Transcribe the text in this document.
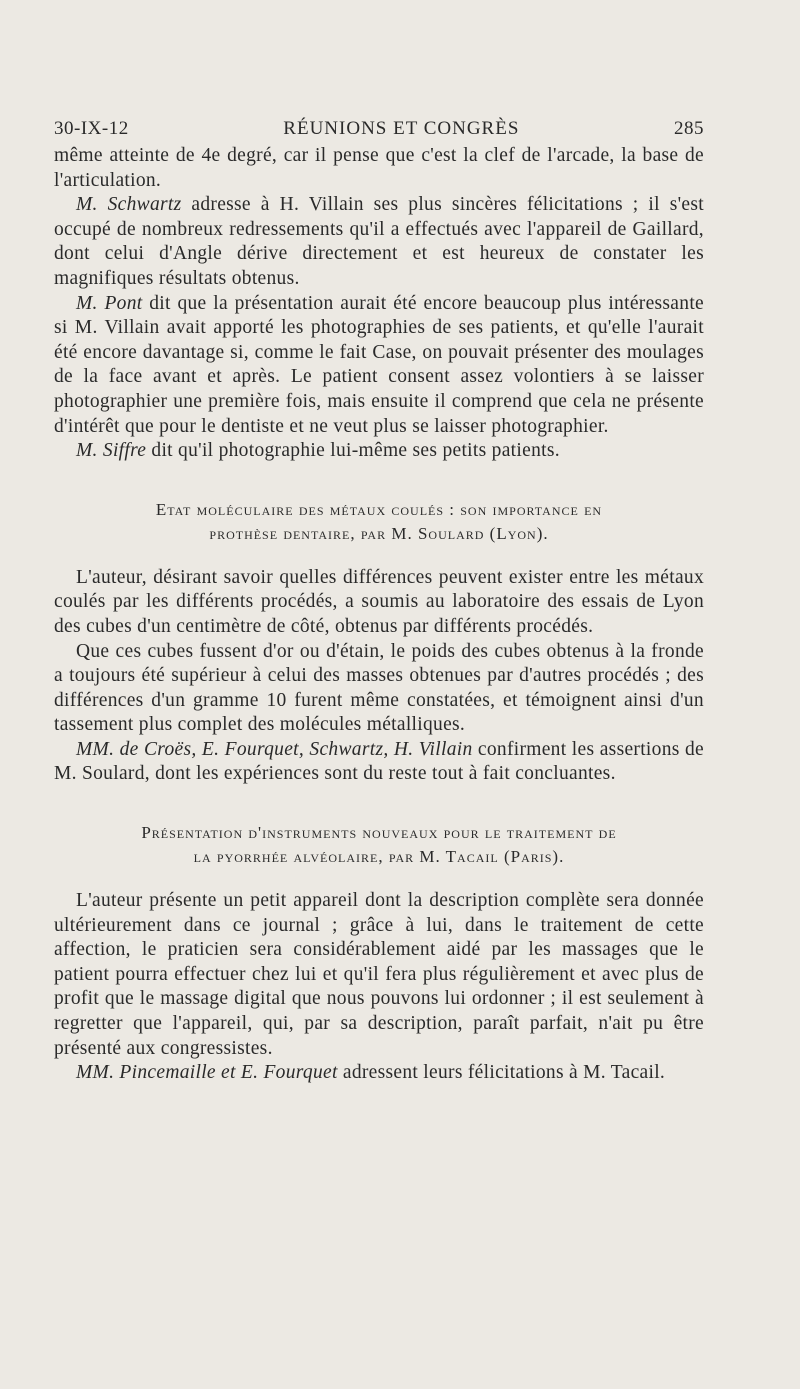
30-IX-12	RÉUNIONS ET CONGRÈS	285

même atteinte de 4e degré, car il pense que c'est la clef de l'arcade, la base de l'articulation.

M. Schwartz adresse à H. Villain ses plus sincères félicitations ; il s'est occupé de nombreux redressements qu'il a effectués avec l'appareil de Gaillard, dont celui d'Angle dérive directement et est heureux de constater les magnifiques résultats obtenus.

M. Pont dit que la présentation aurait été encore beaucoup plus intéressante si M. Villain avait apporté les photographies de ses patients, et qu'elle l'aurait été encore davantage si, comme le fait Case, on pouvait présenter des moulages de la face avant et après. Le patient consent assez volontiers à se laisser photographier une première fois, mais ensuite il comprend que cela ne présente d'intérêt que pour le dentiste et ne veut plus se laisser photographier.

M. Siffre dit qu'il photographie lui-même ses petits patients.

Etat moléculaire des métaux coulés : son importance en
prothèse dentaire, par M. Soulard (Lyon).

L'auteur, désirant savoir quelles différences peuvent exister entre les métaux coulés par les différents procédés, a soumis au laboratoire des essais de Lyon des cubes d'un centimètre de côté, obtenus par différents procédés.

Que ces cubes fussent d'or ou d'étain, le poids des cubes obtenus à la fronde a toujours été supérieur à celui des masses obtenues par d'autres procédés ; des différences d'un gramme 10 furent même constatées, et témoignent ainsi d'un tassement plus complet des molécules métalliques.

MM. de Croës, E. Fourquet, Schwartz, H. Villain confirment les assertions de M. Soulard, dont les expériences sont du reste tout à fait concluantes.

Présentation d'instruments nouveaux pour le traitement de
la pyorrhée alvéolaire, par M. Tacail (Paris).

L'auteur présente un petit appareil dont la description complète sera donnée ultérieurement dans ce journal ; grâce à lui, dans le traitement de cette affection, le praticien sera considérablement aidé par les massages que le patient pourra effectuer chez lui et qu'il fera plus régulièrement et avec plus de profit que le massage digital que nous pouvons lui ordonner ; il est seulement à regretter que l'appareil, qui, par sa description, paraît parfait, n'ait pu être présenté aux congressistes.

MM. Pincemaille et E. Fourquet adressent leurs félicitations à M. Tacail.
